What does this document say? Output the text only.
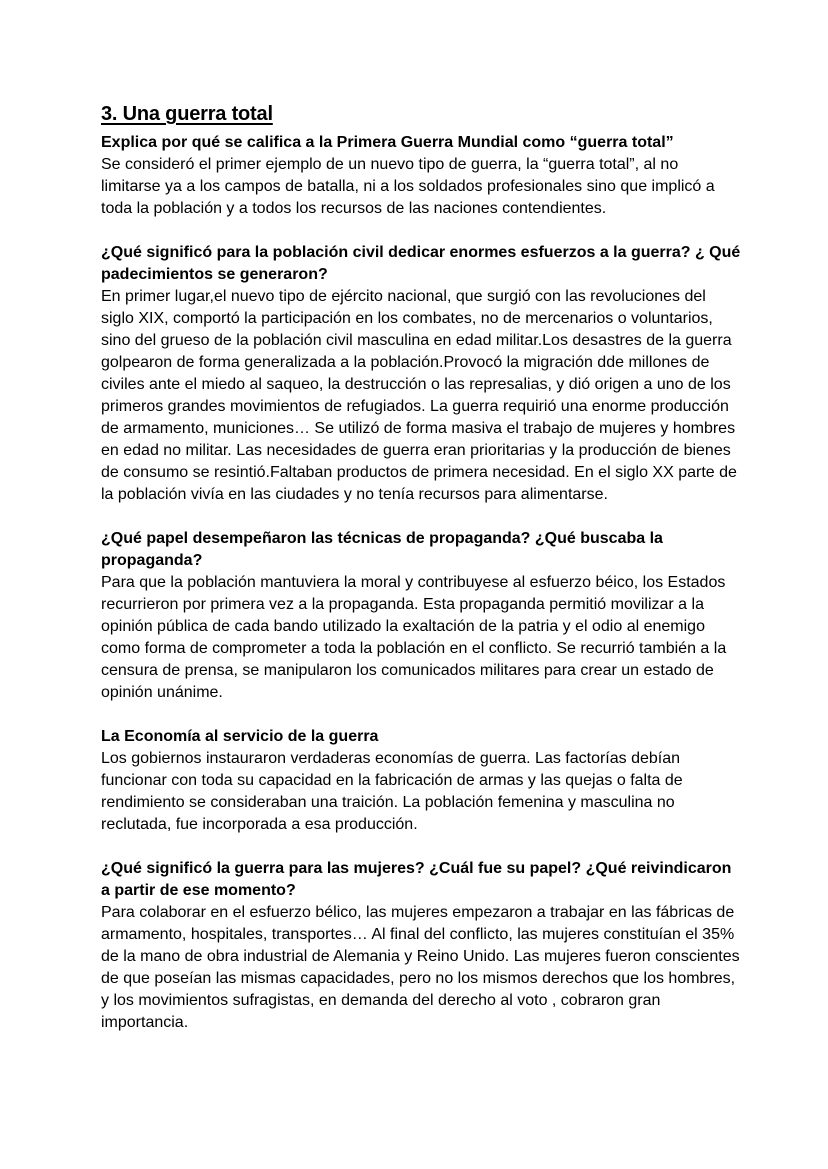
3. Una guerra total

Explica por qué se califica a la Primera Guerra Mundial como “guerra total”

Se consideró el primer ejemplo de un nuevo tipo de guerra, la “guerra total”, al no limitarse ya a los campos de batalla, ni a los soldados profesionales sino que implicó a toda la población y a todos los recursos de las naciones contendientes.

¿Qué significó para la población civil dedicar enormes esfuerzos a la guerra? ¿ Qué padecimientos se generaron?

En primer lugar,el nuevo tipo de ejército nacional, que surgió con las revoluciones del siglo XIX, comportó la participación en los combates, no de mercenarios o voluntarios, sino del grueso de la población civil masculina en edad militar.Los desastres de la guerra golpearon de forma generalizada a la población.Provocó la migración dde millones de civiles ante el miedo al saqueo, la destrucción o las represalias, y dió origen a uno de los primeros grandes movimientos de refugiados. La guerra requirió una enorme producción de armamento, municiones… Se utilizó de forma masiva el trabajo de mujeres y hombres en edad no militar. Las necesidades de guerra eran prioritarias y la producción de bienes de consumo se resintió.Faltaban productos de primera necesidad. En el siglo XX parte de la población vivía en las ciudades y no tenía recursos para alimentarse.

¿Qué papel desempeñaron las técnicas de propaganda? ¿Qué buscaba la propaganda?

Para que la población mantuviera la moral y contribuyese al esfuerzo béico, los Estados recurrieron por primera vez a la propaganda. Esta propaganda permitió movilizar a la opinión pública de cada bando utilizado la exaltación de la patria y el odio al enemigo como forma de comprometer a toda la población en el conflicto. Se recurrió también a la censura de prensa, se manipularon los comunicados militares para crear un estado de opinión unánime.

La Economía al servicio de la guerra

Los gobiernos instauraron verdaderas economías de guerra. Las factorías debían funcionar con toda su capacidad en la fabricación de armas y las quejas o falta de rendimiento se consideraban una traición. La población femenina y masculina no reclutada, fue incorporada a esa producción.

¿Qué significó la guerra para las mujeres? ¿Cuál fue su papel? ¿Qué reivindicaron a partir de ese momento?

Para colaborar en el esfuerzo bélico, las mujeres empezaron a trabajar en las fábricas de armamento, hospitales, transportes… Al final del conflicto, las mujeres constituían el 35% de la mano de obra industrial de Alemania y Reino Unido. Las mujeres fueron conscientes de que poseían las mismas capacidades, pero no los mismos derechos que los hombres, y los movimientos sufragistas, en demanda del derecho al voto , cobraron gran importancia.
